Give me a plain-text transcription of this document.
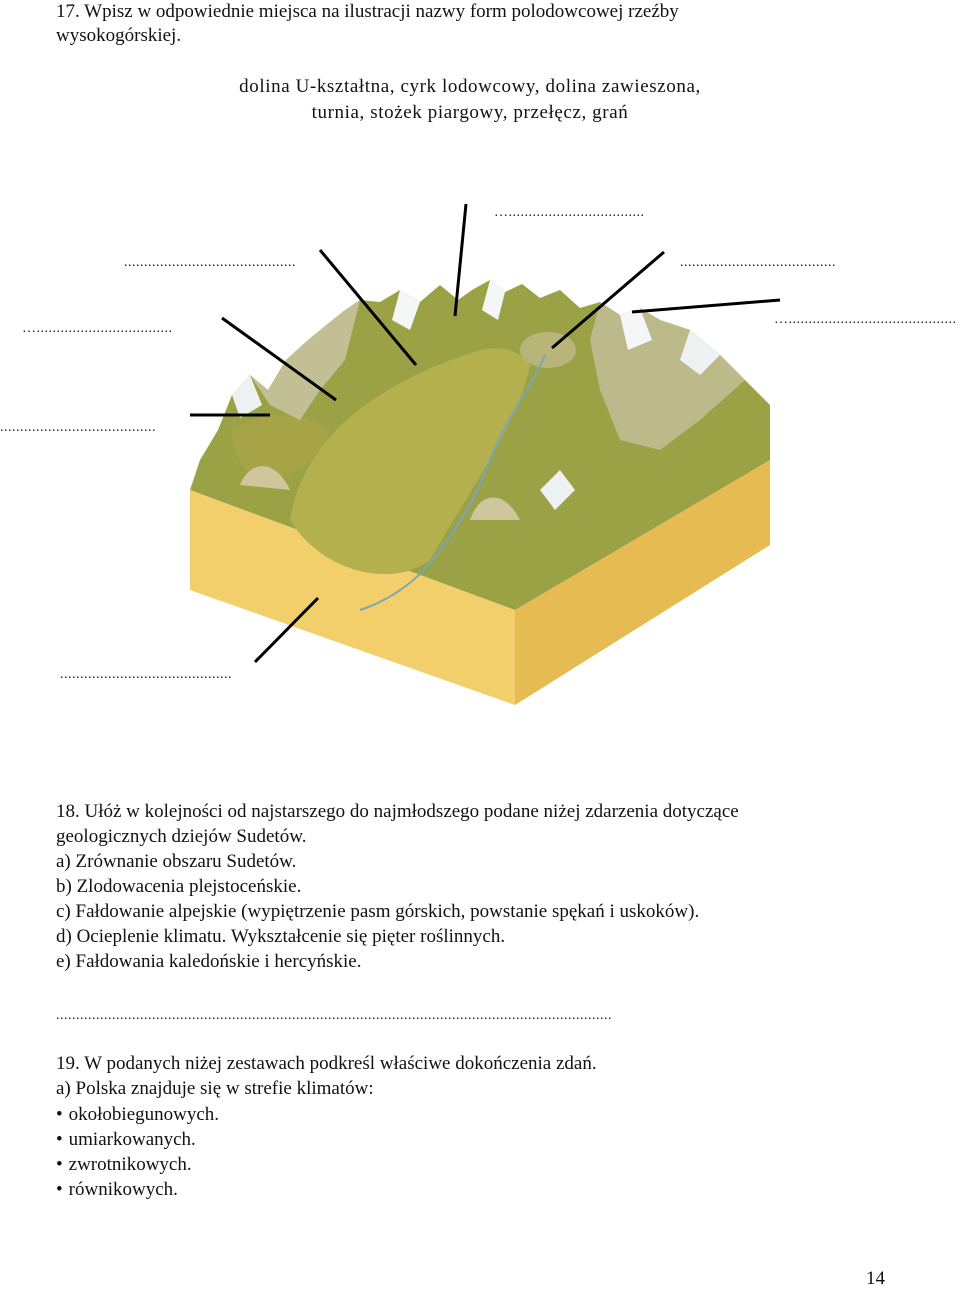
17. Wpisz w odpowiednie miejsca na ilustracji nazwy form polodowcowej rzeźby
wysokogórskiej.
dolina U-kształtna, cyrk lodowcowy, dolina zawieszona,
turnia, stożek piargowy, przełęcz, grań
…..................................
...........................................	.......................................
…..................................
…..........................................
.......................................
...........................................
18. Ułóż w kolejności od najstarszego do najmłodszego podane niżej zdarzenia dotyczące
geologicznych dziejów Sudetów.
a) Zrównanie obszaru Sudetów.
b) Zlodowacenia plejstoceńskie.
c) Fałdowanie alpejskie (wypiętrzenie pasm górskich, powstanie spękań i uskoków).
d) Ocieplenie klimatu. Wykształcenie się pięter roślinnych.
e) Fałdowania kaledońskie i hercyńskie.
...........................................................................................................................................
19. W podanych niżej zestawach podkreśl właściwe dokończenia zdań.
a) Polska znajduje się w strefie klimatów:
• okołobiegunowych.
• umiarkowanych.
• zwrotnikowych.
• równikowych.
14
